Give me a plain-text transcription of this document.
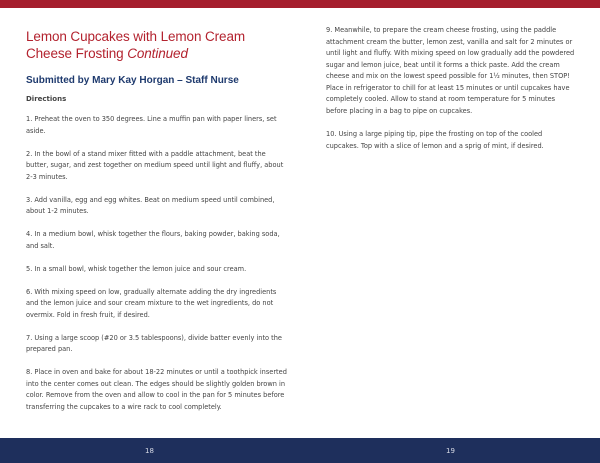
Lemon Cupcakes with Lemon Cream
Cheese Frosting Continued
Submitted by Mary Kay Horgan – Staff Nurse
Directions

1. Preheat the oven to 350 degrees. Line a muffin pan with paper liners, set aside.

2. In the bowl of a stand mixer fitted with a paddle attachment, beat the butter, sugar, and zest together on medium speed until light and fluffy, about 2-3 minutes.

3. Add vanilla, egg and egg whites. Beat on medium speed until combined, about 1-2 minutes.

4. In a medium bowl, whisk together the flours, baking powder, baking soda, and salt.

5. In a small bowl, whisk together the lemon juice and sour cream.

6. With mixing speed on low, gradually alternate adding the dry ingredients and the lemon juice and sour cream mixture to the wet ingredients, do not overmix. Fold in fresh fruit, if desired.

7. Using a large scoop (#20 or 3.5 tablespoons), divide batter evenly into the prepared pan.

8. Place in oven and bake for about 18-22 minutes or until a toothpick inserted into the center comes out clean. The edges should be slightly golden brown in color. Remove from the oven and allow to cool in the pan for 5 minutes before transferring the cupcakes to a wire rack to cool completely.

9. Meanwhile, to prepare the cream cheese frosting, using the paddle attachment cream the butter, lemon zest, vanilla and salt for 2 minutes or until light and fluffy. With mixing speed on low gradually add the powdered sugar and lemon juice, beat until it forms a thick paste. Add the cream cheese and mix on the lowest speed possible for 1½ minutes, then STOP! Place in refrigerator to chill for at least 15 minutes or until cupcakes have completely cooled. Allow to stand at room temperature for 5 minutes before placing in a bag to pipe on cupcakes.

10. Using a large piping tip, pipe the frosting on top of the cooled cupcakes. Top with a slice of lemon and a sprig of mint, if desired.

18	19
